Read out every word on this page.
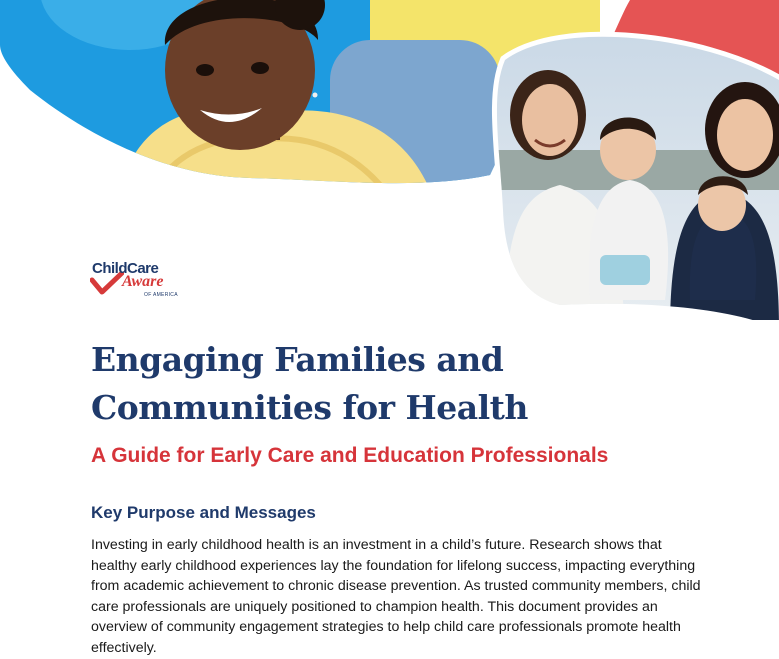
ChildCare
Aware
OF AMERICA
Engaging Families and
Communities for Health
A Guide for Early Care and Education Professionals
Key Purpose and Messages

Investing in early childhood health is an investment in a child’s future. Research shows that healthy early childhood experiences lay the foundation for lifelong success, impacting everything from academic achievement to chronic disease prevention. As trusted community members, child care professionals are uniquely positioned to champion health. This document provides an overview of community engagement strategies to help child care professionals promote health effectively.
